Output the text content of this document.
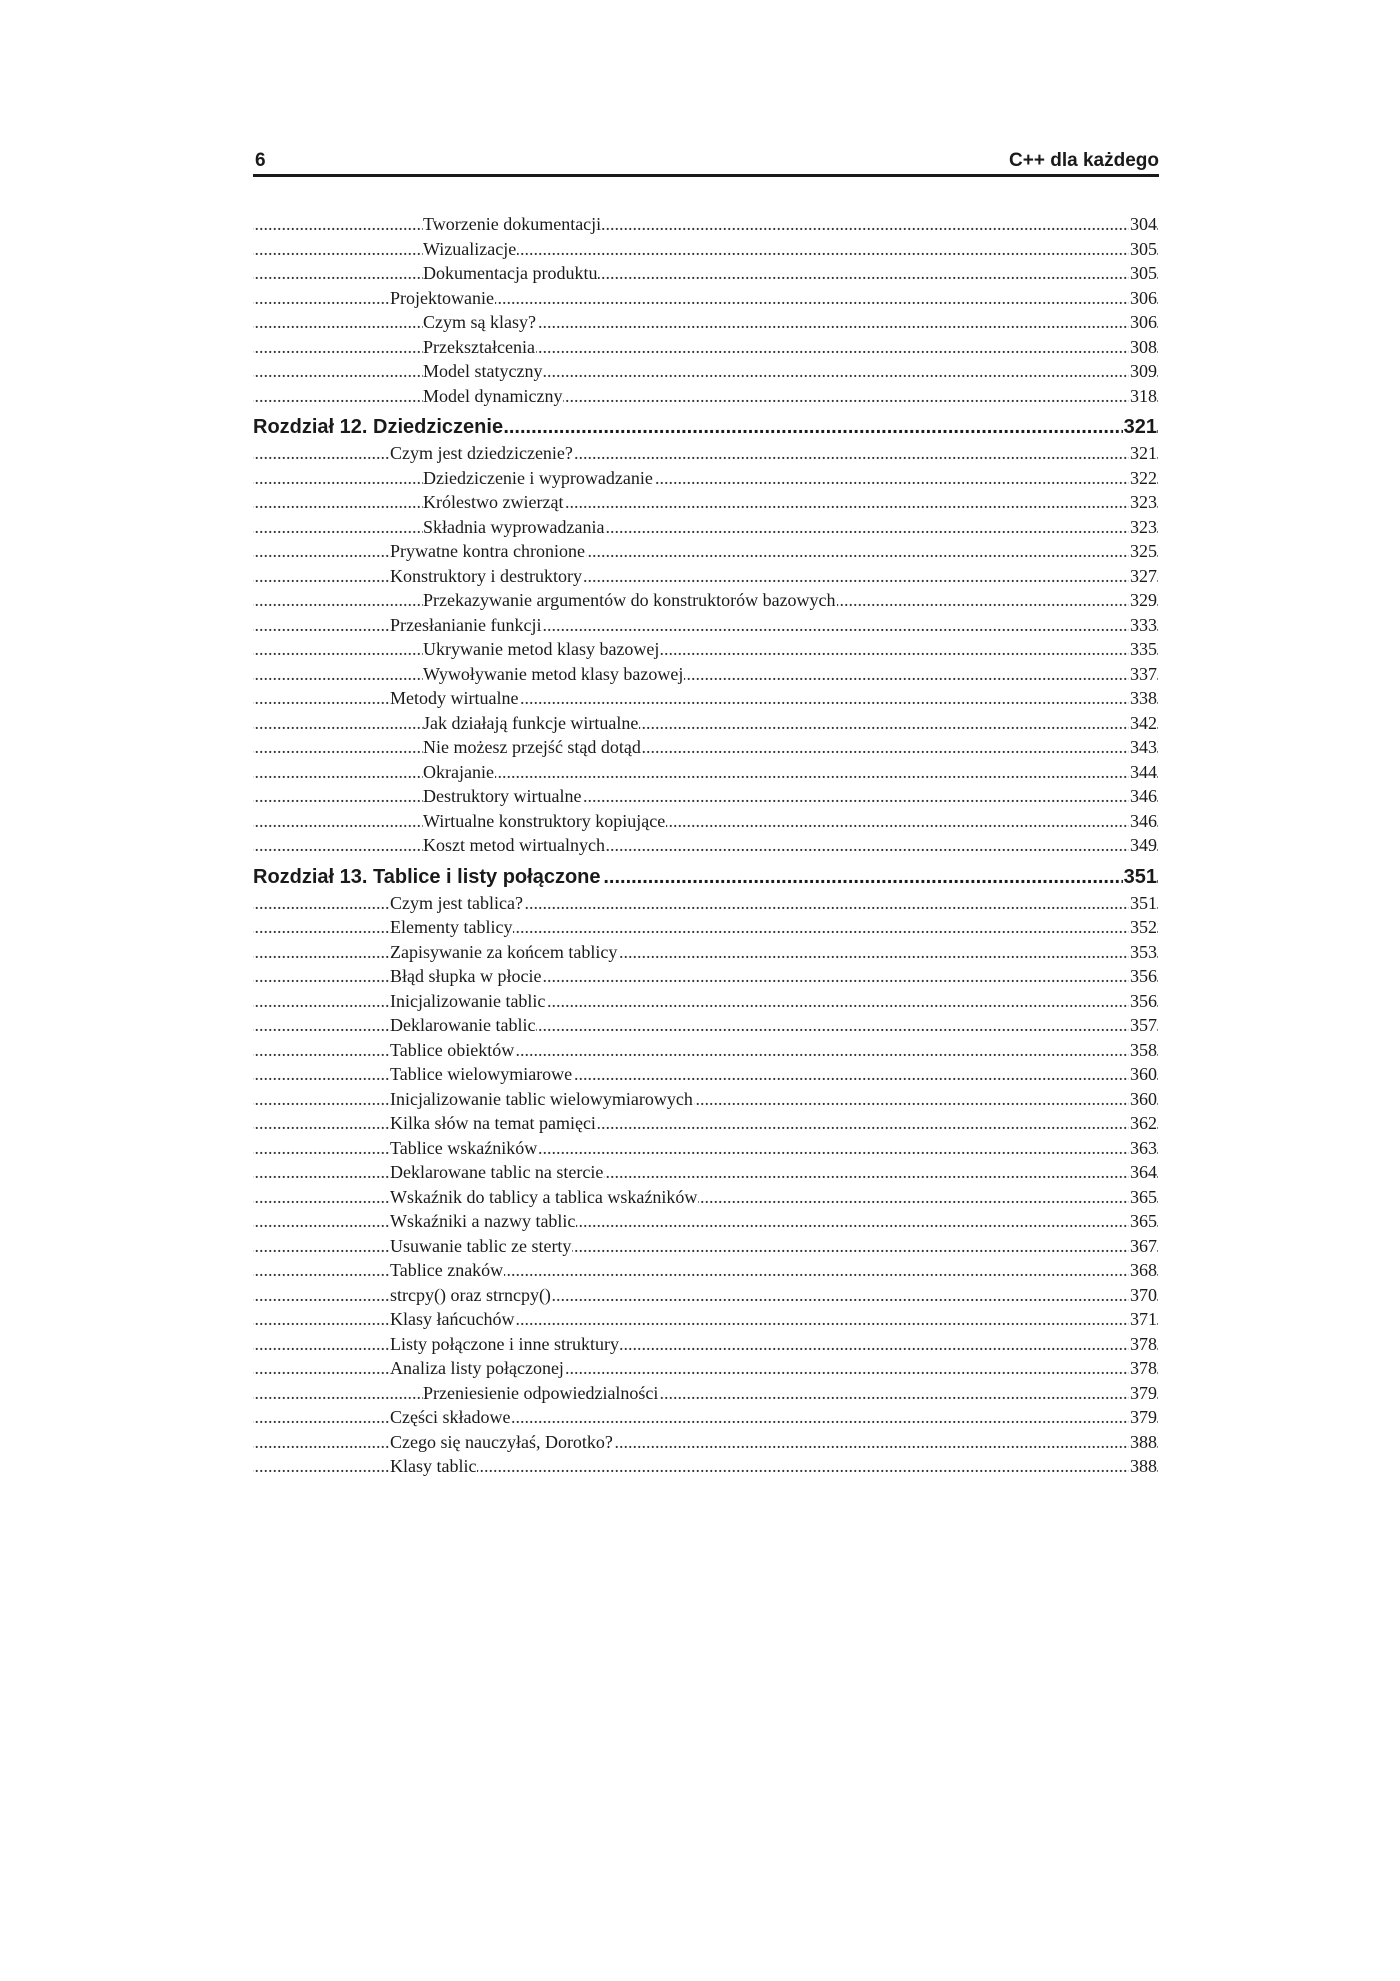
6	C++ dla każdego
Tworzenie dokumentacji	304
Wizualizacje	305
Dokumentacja produktu	305
Projektowanie	306
Czym są klasy?	306
Przekształcenia	308
Model statyczny	309
Model dynamiczny	318
Rozdział 12. Dziedziczenie	321
Czym jest dziedziczenie?	321
Dziedziczenie i wyprowadzanie	322
Królestwo zwierząt	323
Składnia wyprowadzania	323
Prywatne kontra chronione	325
Konstruktory i destruktory	327
Przekazywanie argumentów do konstruktorów bazowych	329
Przesłanianie funkcji	333
Ukrywanie metod klasy bazowej	335
Wywoływanie metod klasy bazowej	337
Metody wirtualne	338
Jak działają funkcje wirtualne	342
Nie możesz przejść stąd dotąd	343
Okrajanie	344
Destruktory wirtualne	346
Wirtualne konstruktory kopiujące	346
Koszt metod wirtualnych	349
Rozdział 13. Tablice i listy połączone	351
Czym jest tablica?	351
Elementy tablicy	352
Zapisywanie za końcem tablicy	353
Błąd słupka w płocie	356
Inicjalizowanie tablic	356
Deklarowanie tablic	357
Tablice obiektów	358
Tablice wielowymiarowe	360
Inicjalizowanie tablic wielowymiarowych	360
Kilka słów na temat pamięci	362
Tablice wskaźników	363
Deklarowane tablic na stercie	364
Wskaźnik do tablicy a tablica wskaźników	365
Wskaźniki a nazwy tablic	365
Usuwanie tablic ze sterty	367
Tablice znaków	368
strcpy() oraz strncpy()	370
Klasy łańcuchów	371
Listy połączone i inne struktury	378
Analiza listy połączonej	378
Przeniesienie odpowiedzialności	379
Części składowe	379
Czego się nauczyłaś, Dorotko?	388
Klasy tablic	388
